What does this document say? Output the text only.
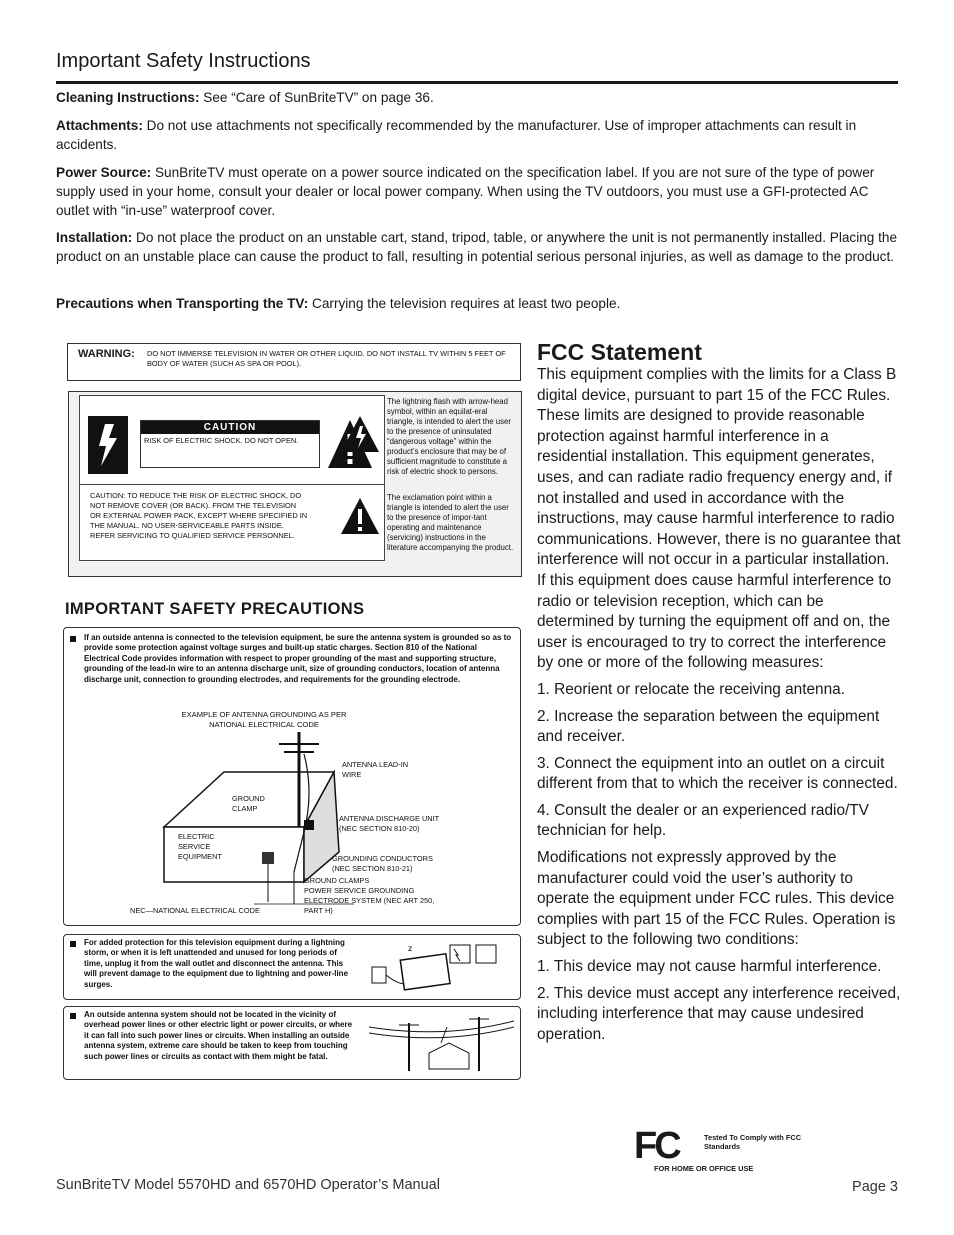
Important Safety Instructions

Cleaning Instructions: See “Care of SunBriteTV” on page 36.

Attachments: Do not use attachments not specifically recommended by the manufacturer. Use of improper attachments can result in accidents.

Power Source: SunBriteTV must operate on a power source indicated on the specification label. If you are not sure of the type of power supply used in your home, consult your dealer or local power company. When using the TV outdoors, you must use a GFI-protected AC outlet with “in-use” waterproof cover.

Installation: Do not place the product on an unstable cart, stand, tripod, table, or anywhere the unit is not permanently installed. Placing the product on an unstable place can cause the product to fall, resulting in potential serious personal injuries, as well as damage to the product.

Precautions when Transporting the TV: Carrying the television requires at least two people.

WARNING: DO NOT IMMERSE TELEVISION IN WATER OR OTHER LIQUID. DO NOT INSTALL TV WITHIN 5 FEET OF BODY OF WATER (SUCH AS SPA OR POOL).
CAUTION
RISK OF ELECTRIC SHOCK. DO NOT OPEN.
CAUTION: TO REDUCE THE RISK OF ELECTRIC SHOCK, DO NOT REMOVE COVER (OR BACK). FROM THE TELEVISION OR EXTERNAL POWER PACK, EXCEPT WHERE SPECIFIED IN THE MANUAL. NO USER-SERVICEABLE PARTS INSIDE. REFER SERVICING TO QUALIFIED SERVICE PERSONNEL.
The lightning flash with arrow-head symbol, within an equilat-eral triangle, is intended to alert the user to the presence of uninsulated “dangerous voltage” within the product’s enclosure that may be of sufficient magnitude to constitute a risk of electric shock to persons.
The exclamation point within a triangle is intended to alert the user to the presence of impor-tant operating and maintenance (servicing) instructions in the literature accompanying the product.
IMPORTANT SAFETY PRECAUTIONS
If an outside antenna is connected to the television equipment, be sure the antenna system is grounded so as to provide some protection against voltage surges and built-up static charges. Section 810 of the National Electrical Code provides information with respect to proper grounding of the mast and supporting structure, grounding of the lead-in wire to an antenna discharge unit, size of grounding conductors, location of antenna discharge unit, connection to grounding electrodes, and requirements for the grounding electrode.
EXAMPLE OF ANTENNA GROUNDING AS PER NATIONAL ELECTRICAL CODE
ANTENNA LEAD-IN WIRE
GROUND CLAMP
ANTENNA DISCHARGE UNIT (NEC SECTION 810-20)
ELECTRIC SERVICE EQUIPMENT	GROUNDING CONDUCTORS (NEC SECTION 810-21)
GROUND CLAMPS
POWER SERVICE GROUNDING ELECTRODE SYSTEM (NEC ART 250, PART H)
NEC—NATIONAL ELECTRICAL CODE
For added protection for this television equipment during a lightning storm, or when it is left unattended and unused for long periods of time, unplug it from the wall outlet and disconnect the antenna. This will prevent damage to the equipment due to lightning and power-line surges.
z
An outside antenna system should not be located in the vicinity of overhead power lines or other electric light or power circuits, or where it can fall into such power lines or circuits. When installing an outside antenna system, extreme care should be taken to keep from touching such power lines or circuits as contact with them might be fatal.
FCC Statement

This equipment complies with the limits for a Class B digital device, pursuant to part 15 of the FCC Rules. These limits are designed to provide reasonable protection against harmful interference in a residential installation. This equipment generates, uses, and can radiate radio frequency energy and, if not installed and used in accordance with the instructions, may cause harmful interference to radio communications. However, there is no guarantee that interference will not occur in a particular installation. If this equipment does cause harmful interference to radio or television reception, which can be determined by turning the equipment off and on, the user is encouraged to try to correct the interference by one or more of the following measures:

1. Reorient or relocate the receiving antenna.

2. Increase the separation between the equipment and receiver.

3. Connect the equipment into an outlet on a circuit different from that to which the receiver is connected.

4. Consult the dealer or an experienced radio/TV technician for help.

Modifications not expressly approved by the manufacturer could void the user’s authority to operate the equipment under FCC rules. This device complies with part 15 of the FCC Rules. Operation is subject to the following two conditions:

1. This device may not cause harmful interference.

2. This device must accept any interference received, including interference that may cause undesired operation.

FC	Tested To Comply with FCC Standards
FOR HOME OR OFFICE USE
SunBriteTV Model 5570HD and 6570HD Operator’s Manual	Page 3
